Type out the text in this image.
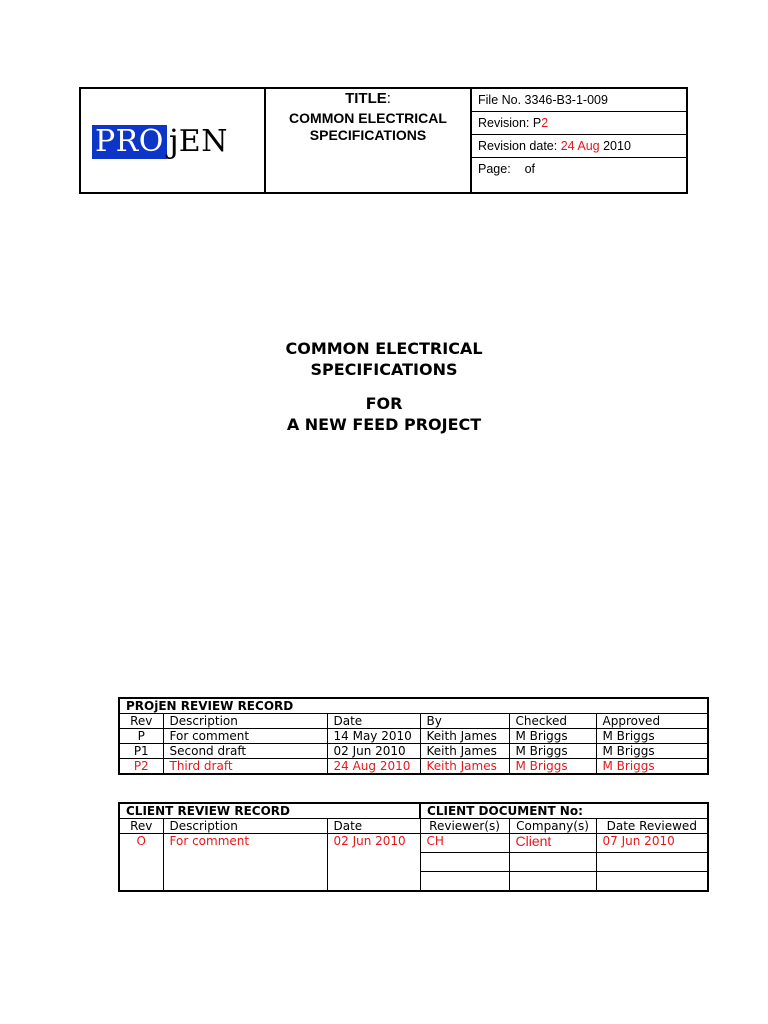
PRO j EN

TITLE:
COMMON ELECTRICAL
SPECIFICATIONS

File No. 3346-B3-1-009
Revision: P2
Revision date: 24 Aug 2010
Page: of
COMMON ELECTRICAL
SPECIFICATIONS
FOR
A NEW FEED PROJECT
PROjEN REVIEW RECORD					
Rev	Description	Date	By	Checked	Approved
P	For comment	14 May 2010	Keith James	M Briggs	M Briggs
P1	Second draft	02 Jun 2010	Keith James	M Briggs	M Briggs
P2	Third draft	24 Aug 2010	Keith James	M Briggs	M Briggs
CLIENT REVIEW RECORD			CLIENT DOCUMENT No:		
Rev	Description	Date	Reviewer(s)	Company(s)	Date Reviewed
O	For comment	02 Jun 2010	CH	Client	07 Jun 2010
